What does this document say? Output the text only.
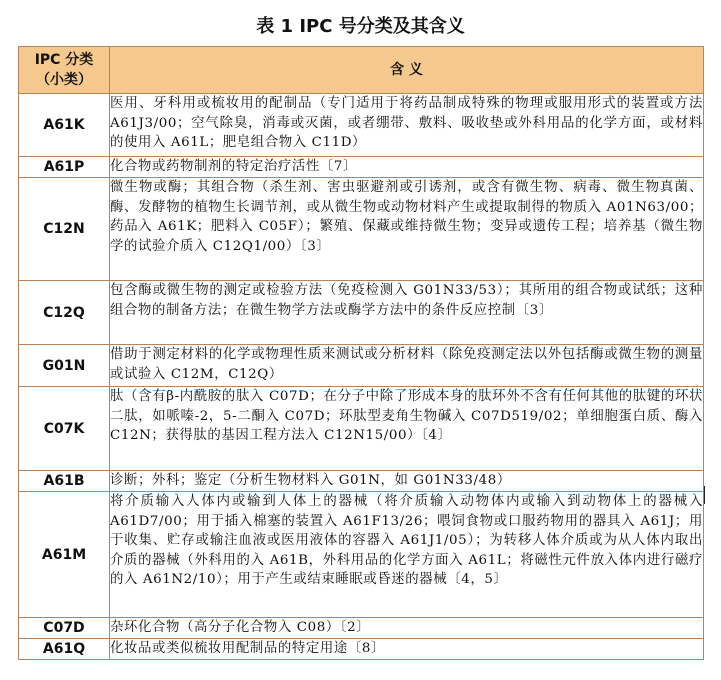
表 1 IPC 号分类及其含义
IPC 分类
（小类）	含 义
A61K	医用、牙科用或梳妆用的配制品（专门适用于将药品制成特殊的物理或服用形式的装置或方法 A61J3/00；空气除臭，消毒或灭菌，或者绷带、敷料、吸收垫或外科用品的化学方面，或材料的使用入 A61L；肥皂组合物入 C11D）
A61P	化合物或药物制剂的特定治疗活性〔7〕
C12N	微生物或酶；其组合物（杀生剂、害虫驱避剂或引诱剂，或含有微生物、病毒、微生物真菌、酶、发酵物的植物生长调节剂，或从微生物或动物材料产生或提取制得的物质入 A01N63/00；药品入 A61K；肥料入 C05F）；繁殖、保藏或维持微生物；变异或遗传工程；培养基（微生物学的试验介质入 C12Q1/00）〔3〕
C12Q	包含酶或微生物的测定或检验方法（免疫检测入 G01N33/53）；其所用的组合物或试纸；这种组合物的制备方法；在微生物学方法或酶学方法中的条件反应控制〔3〕
G01N	借助于测定材料的化学或物理性质来测试或分析材料（除免疫测定法以外包括酶或微生物的测量或试验入 C12M，C12Q）
C07K	肽（含有β-内酰胺的肽入 C07D；在分子中除了形成本身的肽环外不含有任何其他的肽键的环状二肽，如哌嗪-2，5-二酮入 C07D；环肽型麦角生物碱入 C07D519/02；单细胞蛋白质、酶入 C12N；获得肽的基因工程方法入 C12N15/00）〔4〕
A61B	诊断；外科；鉴定（分析生物材料入 G01N，如 G01N33/48）
A61M	将介质输入人体内或输到人体上的器械（将介质输入动物体内或输入到动物体上的器械入 A61D7/00；用于插入棉塞的装置入 A61F13/26；喂饲食物或口服药物用的器具入 A61J；用于收集、贮存或输注血液或医用液体的容器入 A61J1/05）；为转移人体介质或为从人体内取出介质的器械（外科用的入 A61B，外科用品的化学方面入 A61L；将磁性元件放入体内进行磁疗的入 A61N2/10）；用于产生或结束睡眠或昏迷的器械〔4，5〕
C07D	杂环化合物（高分子化合物入 C08）〔2〕
A61Q	化妆品或类似梳妆用配制品的特定用途〔8〕
